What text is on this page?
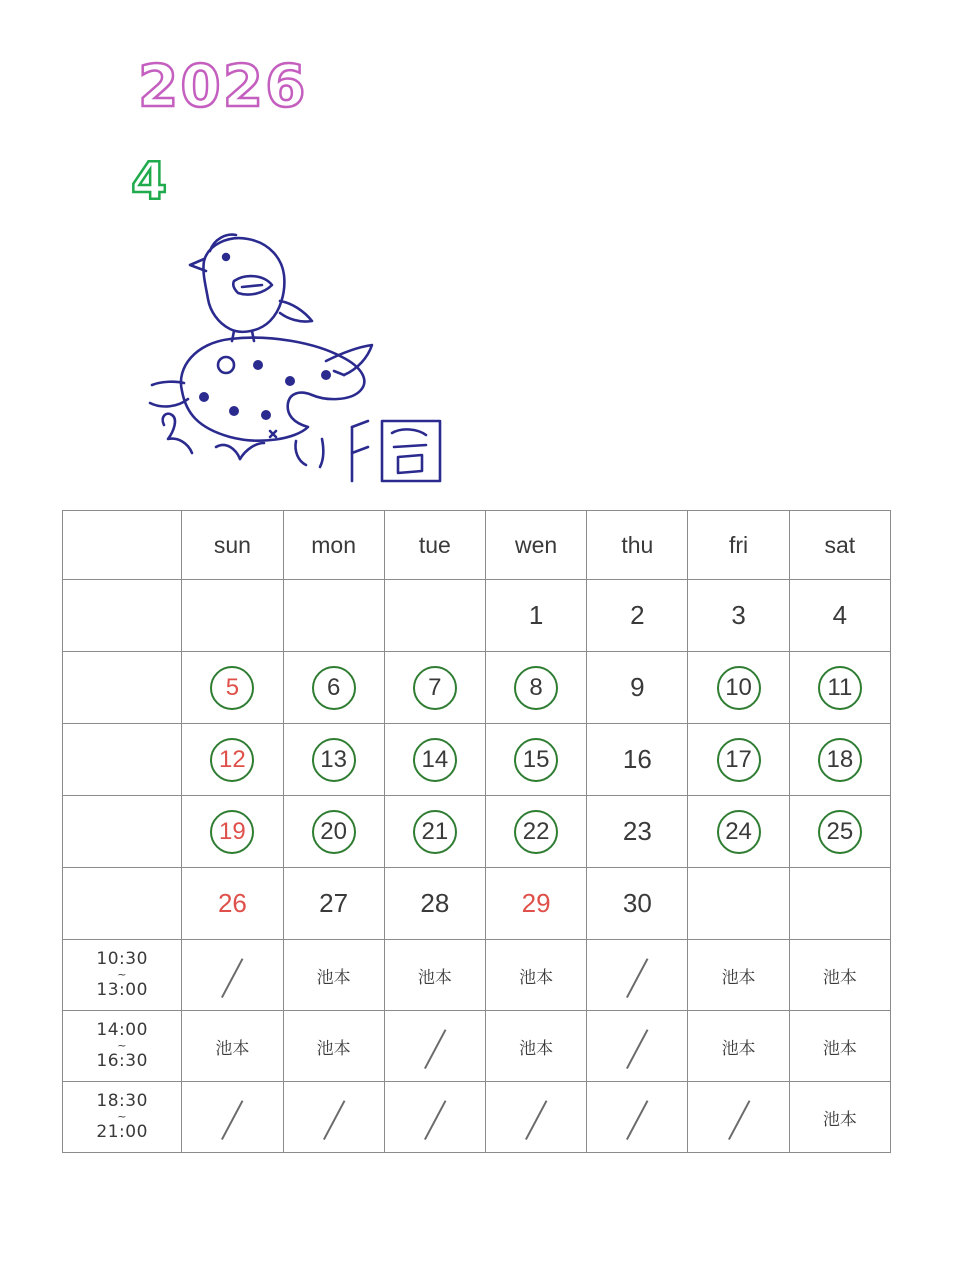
2026
4
	sun	mon	tue	wen	thu	fri	sat
				1	2	3	4
	5	6	7	8	9	10	11
	12	13	14	15	16	17	18
	19	20	21	22	23	24	25
	26	27	28	29	30		

10:30
~
13:00		池本	池本	池本		池本	池本

14:00
~
16:30	池本	池本		池本		池本	池本

18:30
~
21:00							池本
